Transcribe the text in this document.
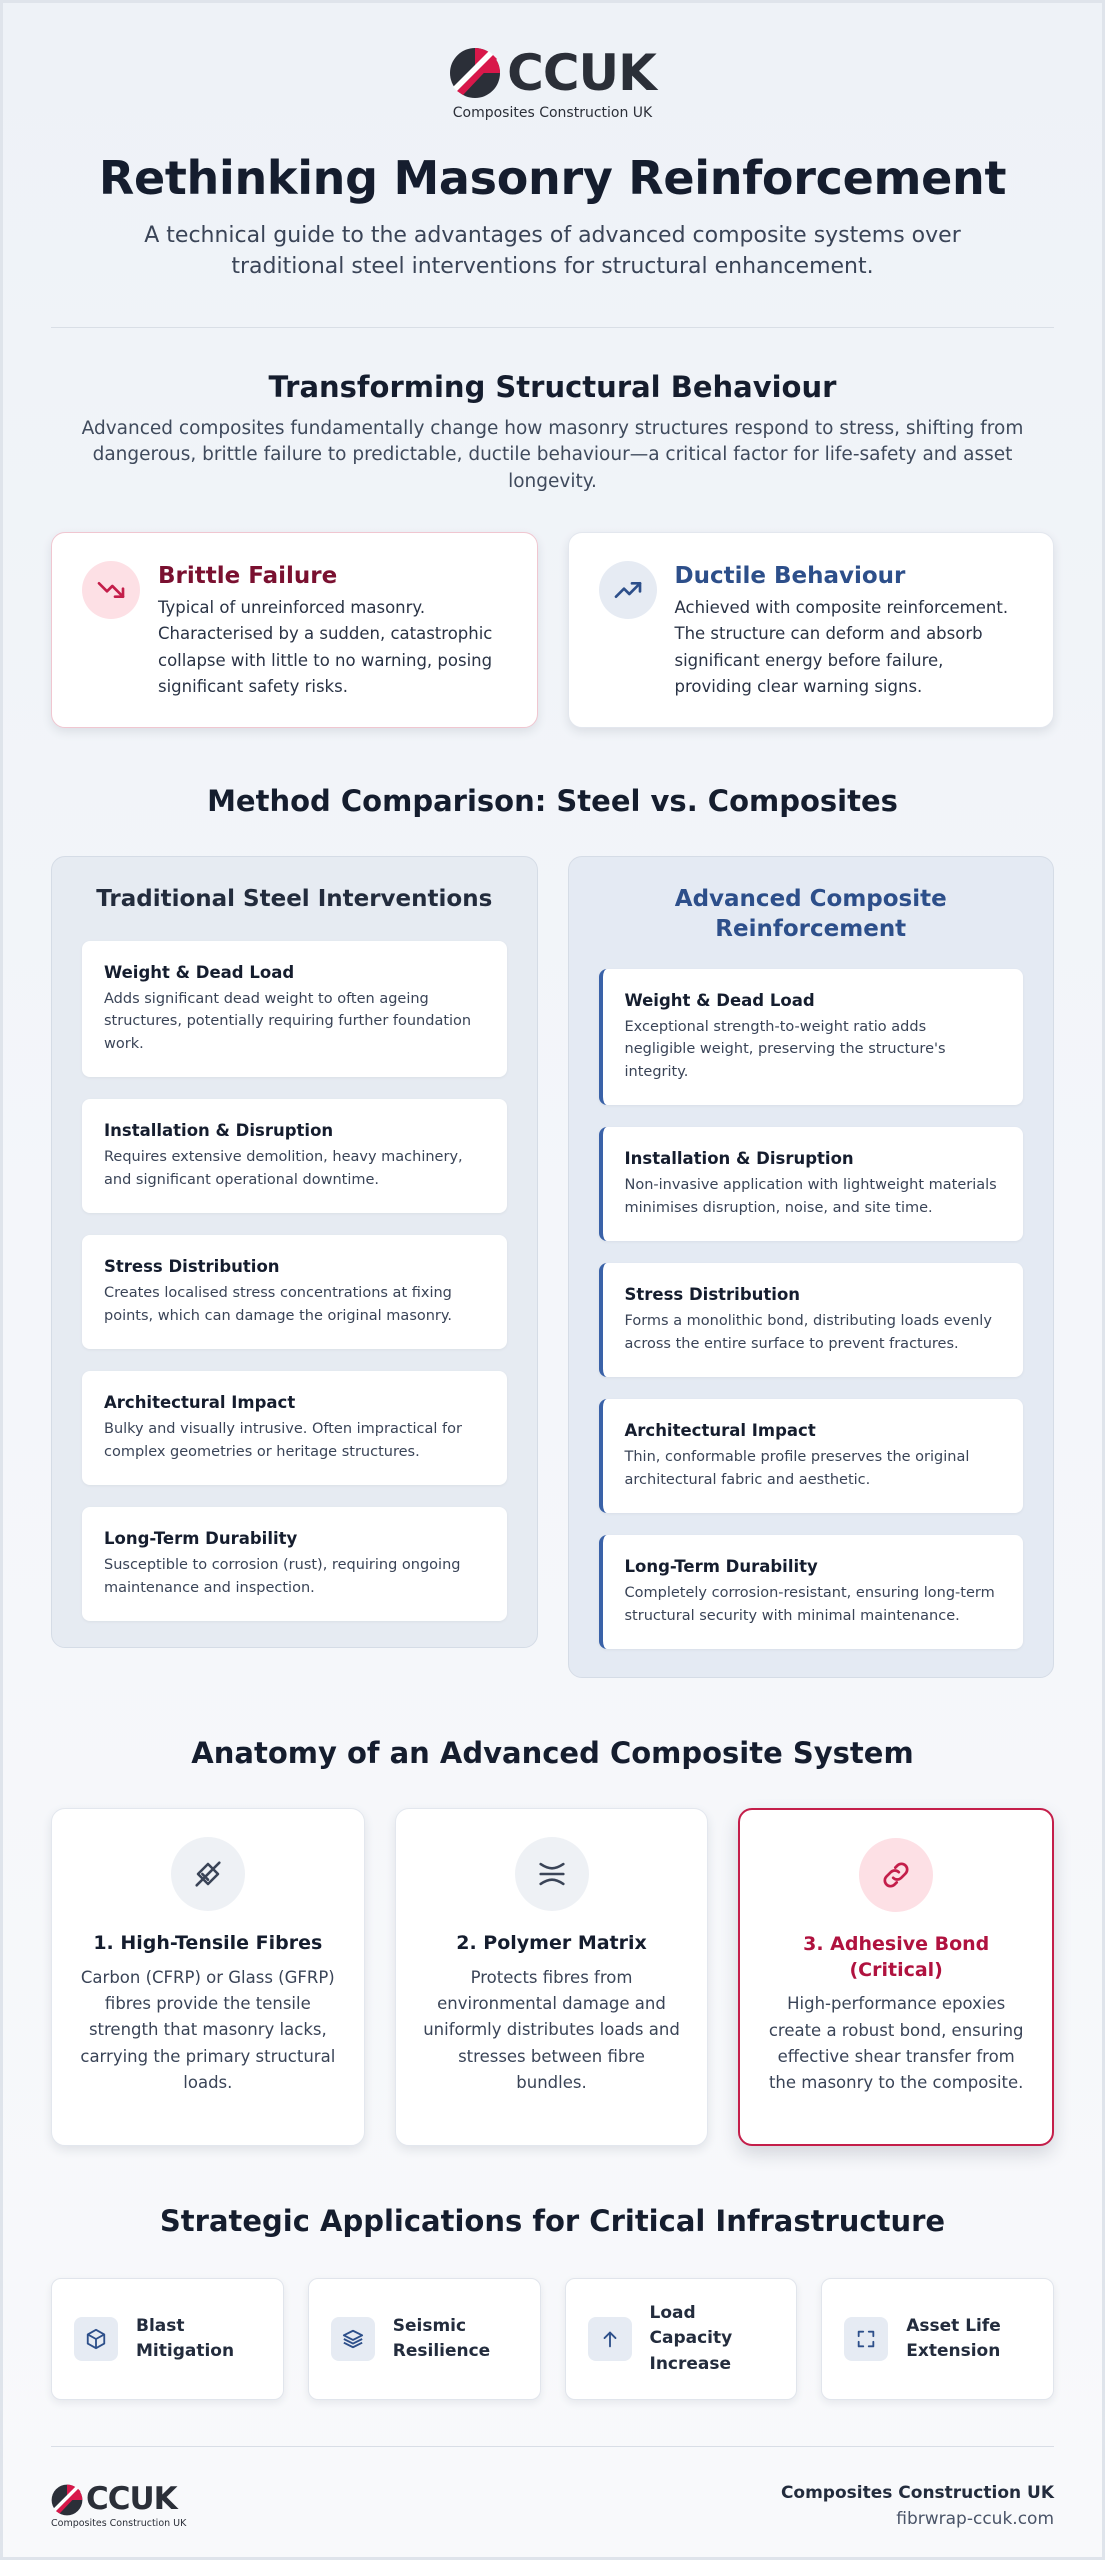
CCUK
Composites Construction UK
Rethinking Masonry Reinforcement

A technical guide to the advantages of advanced composite systems over traditional steel interventions for structural enhancement.

Transforming Structural Behaviour

Advanced composites fundamentally change how masonry structures respond to stress, shifting from dangerous, brittle failure to predictable, ductile behaviour—a critical factor for life-safety and asset longevity.

Brittle Failure
Typical of unreinforced masonry. Characterised by a sudden, catastrophic collapse with little to no warning, posing significant safety risks.
Ductile Behaviour
Achieved with composite reinforcement. The structure can deform and absorb significant energy before failure, providing clear warning signs.
Method Comparison: Steel vs. Composites
Traditional Steel Interventions
Weight & Dead Load
Adds significant dead weight to often ageing structures, potentially requiring further foundation work.
Installation & Disruption
Requires extensive demolition, heavy machinery, and significant operational downtime.
Stress Distribution
Creates localised stress concentrations at fixing points, which can damage the original masonry.
Architectural Impact
Bulky and visually intrusive. Often impractical for complex geometries or heritage structures.
Long-Term Durability
Susceptible to corrosion (rust), requiring ongoing maintenance and inspection.
Advanced Composite Reinforcement
Weight & Dead Load
Exceptional strength-to-weight ratio adds negligible weight, preserving the structure's integrity.
Installation & Disruption
Non-invasive application with lightweight materials minimises disruption, noise, and site time.
Stress Distribution
Forms a monolithic bond, distributing loads evenly across the entire surface to prevent fractures.
Architectural Impact
Thin, conformable profile preserves the original architectural fabric and aesthetic.
Long-Term Durability
Completely corrosion-resistant, ensuring long-term structural security with minimal maintenance.
Anatomy of an Advanced Composite System
1. High-Tensile Fibres
Carbon (CFRP) or Glass (GFRP) fibres provide the tensile strength that masonry lacks, carrying the primary structural loads.
2. Polymer Matrix
Protects fibres from environmental damage and uniformly distributes loads and stresses between fibre bundles.
3. Adhesive Bond (Critical)
High-performance epoxies create a robust bond, ensuring effective shear transfer from the masonry to the composite.
Strategic Applications for Critical Infrastructure
Blast Mitigation
Seismic Resilience
Load Capacity Increase
Asset Life Extension
CCUK
Composites Construction UK
Composites Construction UK
fibrwrap-ccuk.com
